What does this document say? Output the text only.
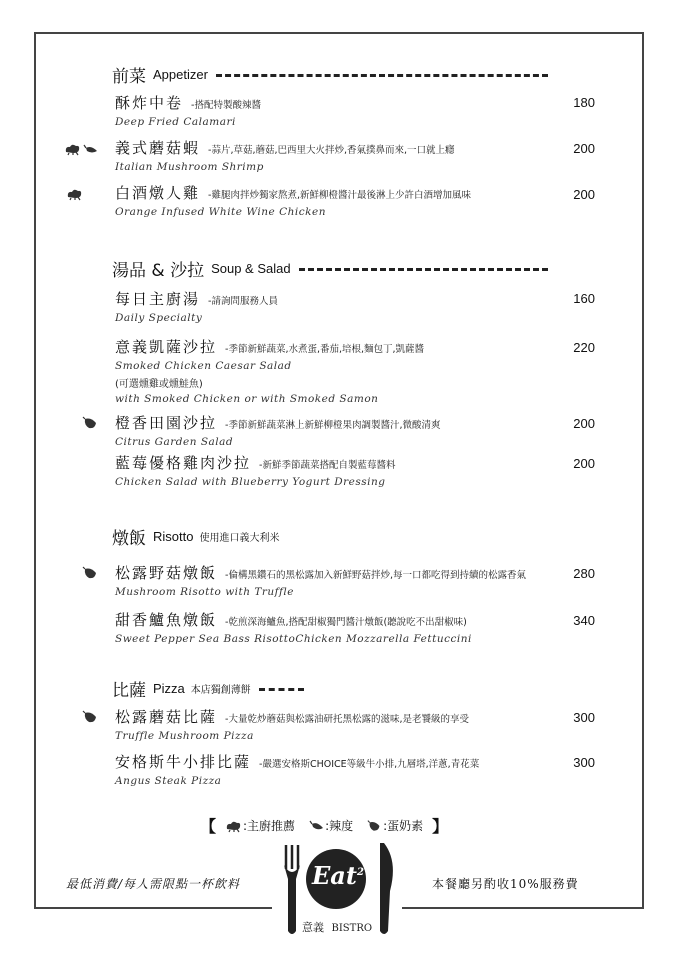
前菜 Appetizer
酥炸中卷 -搭配特製酸辣醬
Deep Fried Calamari
180
義式蘑菇蝦 -蒜片,草菇,蘑菇,巴西里大火拌炒,香氣撲鼻而來,一口就上癮
Italian Mushroom Shrimp
200
白酒燉人雞 -雞腿肉拌炒獨家熬煮,新鮮柳橙醬汁最後淋上少許白酒增加風味
Orange Infused White Wine Chicken
200
湯品 & 沙拉 Soup & Salad
每日主廚湯 -請詢問服務人員
Daily Specialty
160
意義凱薩沙拉 -季節新鮮蔬菜,水煮蛋,番茄,培根,麵包丁,凱薩醬
Smoked Chicken Caesar Salad
(可選燻雞或燻鮭魚)
with Smoked Chicken or with Smoked Samon
220
橙香田園沙拉 -季節新鮮蔬菜淋上新鮮柳橙果肉調製醬汁,微酸清爽
Citrus Garden Salad
200
藍莓優格雞肉沙拉 -新鮮季節蔬菜搭配自製藍莓醬料
Chicken Salad with Blueberry Yogurt Dressing
200
燉飯 Risotto 使用進口義大利米
松露野菇燉飯 -倫構黑鑽石的黑松露加入新鮮野菇拌炒,每一口都吃得到持續的松露香氣
Mushroom Risotto with Truffle
280
甜香鱸魚燉飯 -乾煎深海鱸魚,搭配甜椒獨門醬汁燉飯(聽說吃不出甜椒味)
Sweet Pepper Sea Bass RisottoChicken Mozzarella Fettuccini
340
比薩 Pizza 本店獨創薄餅
松露蘑菇比薩 -大量乾炒蘑菇與松露油研托黑松露的滋味,是老饕級的享受
Truffle Mushroom Pizza
300
安格斯牛小排比薩 -嚴選安格斯CHOICE等級牛小排,九層塔,洋蔥,青花菜
Angus Steak Pizza
300
【 :主廚推薦	:辣度	:蛋奶素 】
最低消費/每人需限點一杯飲料	本餐廳另酌收10%服務費
Eat$^2$
意義 BISTRO
